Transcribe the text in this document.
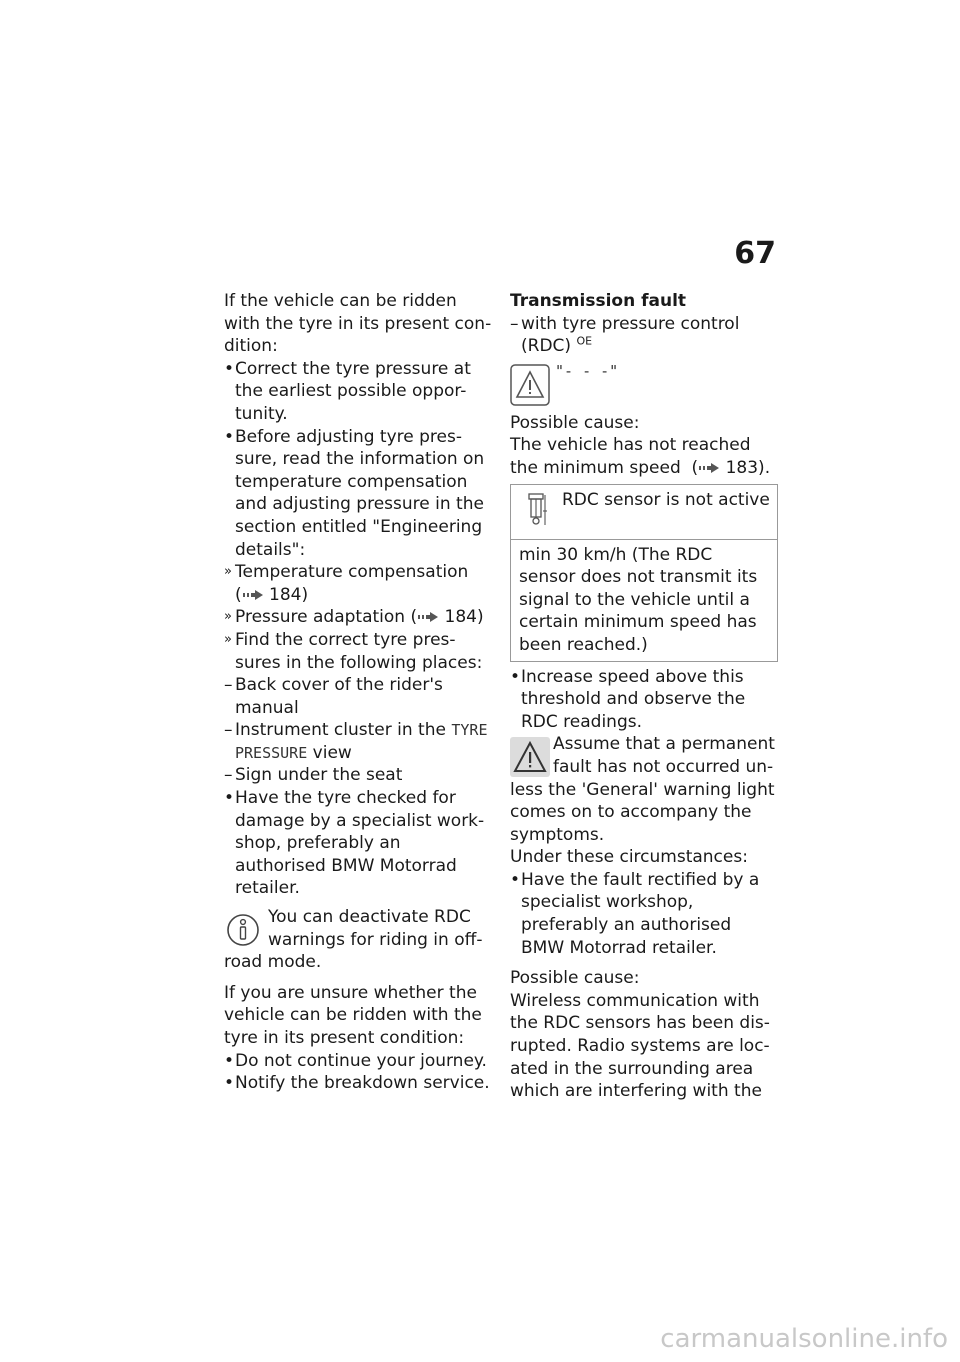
67

If the vehicle can be ridden with the tyre in its present con-dition:

• Correct the tyre pressure at the earliest possible oppor-tunity.

• Before adjusting tyre pres-sure, read the information on temperature compensation and adjusting pressure in the section entitled "Engineering details":

» Temperature compensation
( 184)

» Pressure adaptation ( 184)

» Find the correct tyre pres-sures in the following places:

– Back cover of the rider's manual

– Instrument cluster in the TYRE PRESSURE view

– Sign under the seat

• Have the tyre checked for damage by a specialist work-shop, preferably an authorised BMW Motorrad retailer.

You can deactivate RDC warnings for riding in off-road mode.

If you are unsure whether the vehicle can be ridden with the tyre in its present condition:

• Do not continue your journey.

• Notify the breakdown service.

Transmission fault

– with tyre pressure control (RDC) $^{OE}$

"- - -"

Possible cause:

The vehicle has not reached the minimum speed  ( 183).

RDC sensor is not active
min 30 km/h (The RDC sensor does not transmit its signal to the vehicle until a certain minimum speed has been reached.)

• Increase speed above this threshold and observe the RDC readings.

Assume that a permanent fault has not occurred un-less the 'General' warning light comes on to accompany the symptoms.

Under these circumstances:

• Have the fault rectified by a specialist workshop, preferably an authorised BMW Motorrad retailer.

Possible cause:

Wireless communication with the RDC sensors has been dis-rupted. Radio systems are loc-ated in the surrounding area which are interfering with the

carmanualsonline.info
